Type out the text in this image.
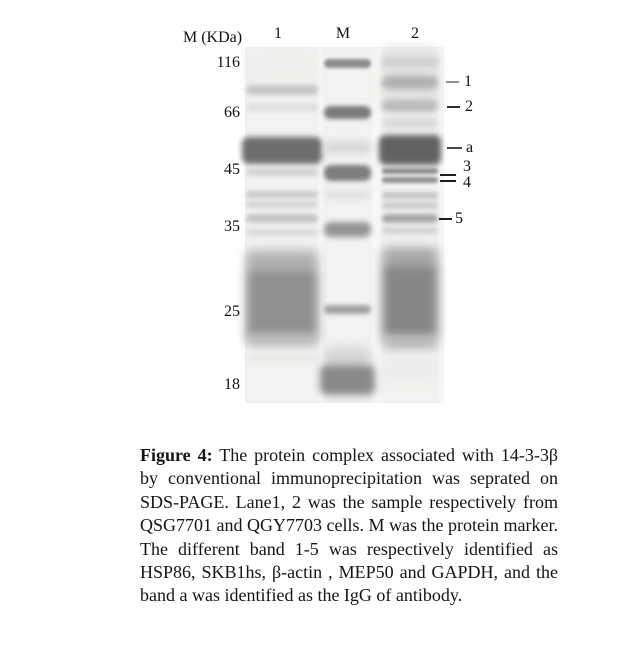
M (KDa)

Figure 4: The protein complex associated with 14-3-3β by conventional immunoprecipitation was seprated on SDS-PAGE. Lane1, 2 was the sample respectively from QSG7701 and QGY7703 cells. M was the protein marker. The different band 1-5 was respectively identified as HSP86, SKB1hs, β-actin , MEP50 and GAPDH, and the band a was identified as the IgG of antibody.

1	M	2
116
66
45
35
25
18
1
2
a
3
4
5
